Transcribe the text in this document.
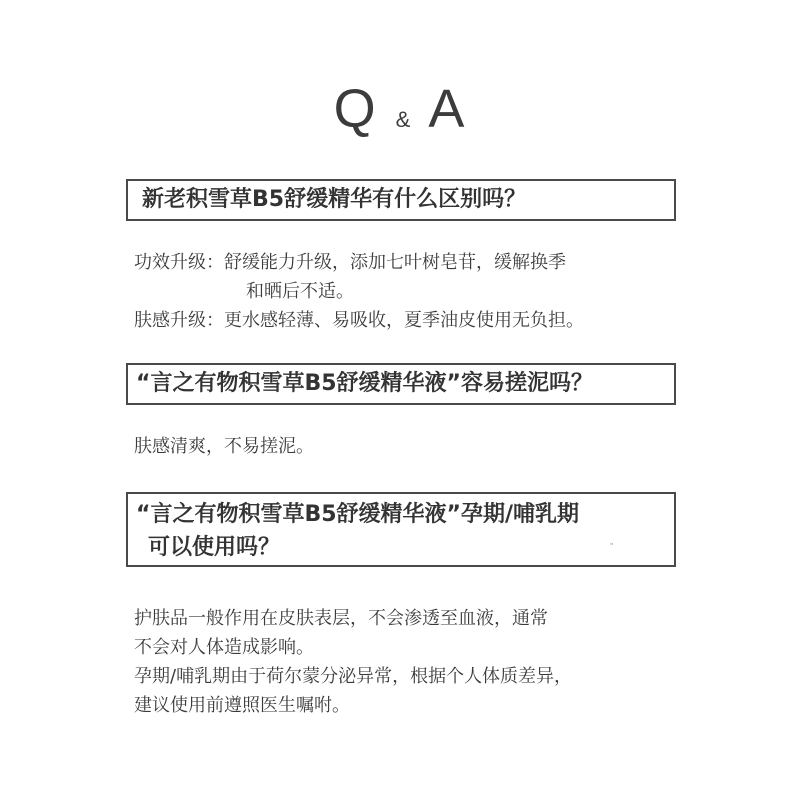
Q & A
新老积雪草B5舒缓精华有什么区别吗？
功效升级：舒缓能力升级，添加七叶树皂苷，缓解换季
和晒后不适。
肤感升级：更水感轻薄、易吸收，夏季油皮使用无负担。
“言之有物积雪草B5舒缓精华液”容易搓泥吗？
肤感清爽，不易搓泥。
“言之有物积雪草B5舒缓精华液”孕期/哺乳期
可以使用吗？	"
护肤品一般作用在皮肤表层，不会渗透至血液，通常
不会对人体造成影响。
孕期/哺乳期由于荷尔蒙分泌异常，根据个人体质差异，
建议使用前遵照医生嘱咐。
